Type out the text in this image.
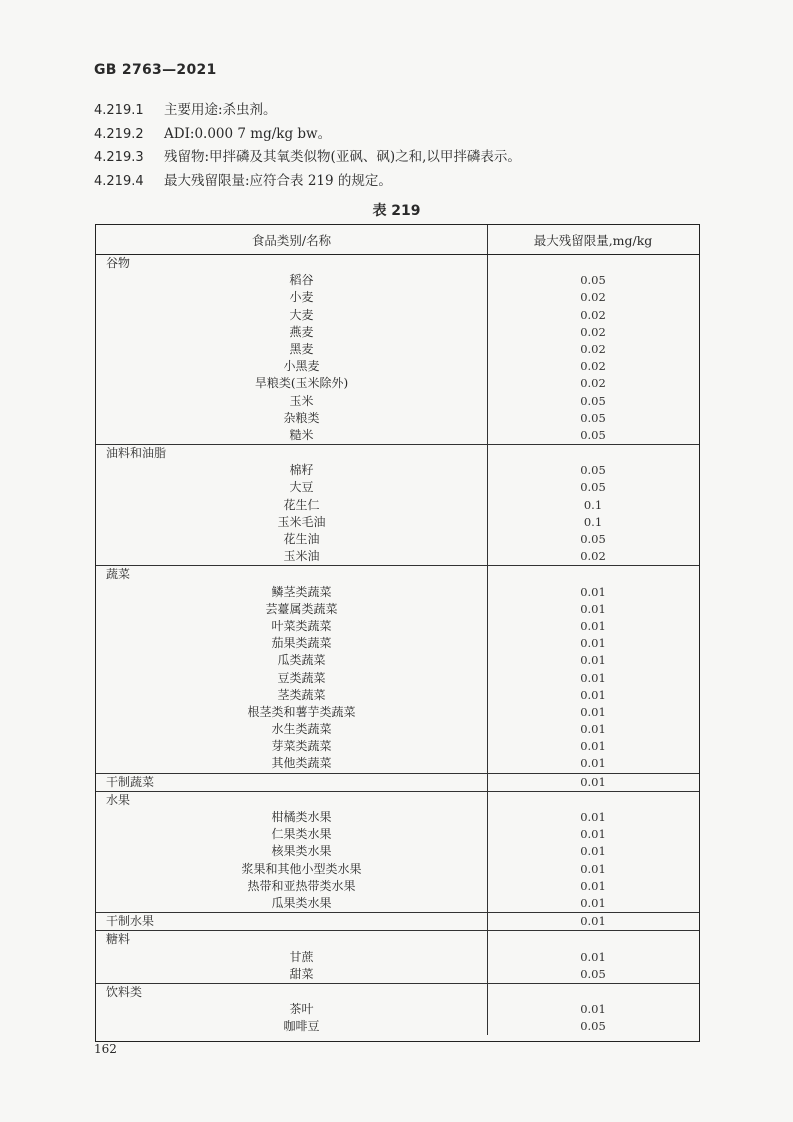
GB 2763—2021
4.219.1 主要用途:杀虫剂。
4.219.2 ADI:0.000 7 mg/kg bw。
4.219.3 残留物:甲拌磷及其氧类似物(亚砜、砜)之和,以甲拌磷表示。
4.219.4 最大残留限量:应符合表 219 的规定。
表 219
食品类别/名称	最大残留限量,mg/kg
谷物
稻谷	0.05
小麦	0.02
大麦	0.02
燕麦	0.02
黑麦	0.02
小黑麦	0.02
旱粮类(玉米除外)	0.02
玉米	0.05
杂粮类	0.05
糙米	0.05
油料和油脂
棉籽	0.05
大豆	0.05
花生仁	0.1
玉米毛油	0.1
花生油	0.05
玉米油	0.02
蔬菜
鳞茎类蔬菜	0.01
芸薹属类蔬菜	0.01
叶菜类蔬菜	0.01
茄果类蔬菜	0.01
瓜类蔬菜	0.01
豆类蔬菜	0.01
茎类蔬菜	0.01
根茎类和薯芋类蔬菜	0.01
水生类蔬菜	0.01
芽菜类蔬菜	0.01
其他类蔬菜	0.01
干制蔬菜	0.01
水果
柑橘类水果	0.01
仁果类水果	0.01
核果类水果	0.01
浆果和其他小型类水果	0.01
热带和亚热带类水果	0.01
瓜果类水果	0.01
干制水果	0.01
糖料
甘蔗	0.01
甜菜	0.05
饮料类
茶叶	0.01
咖啡豆	0.05
162
